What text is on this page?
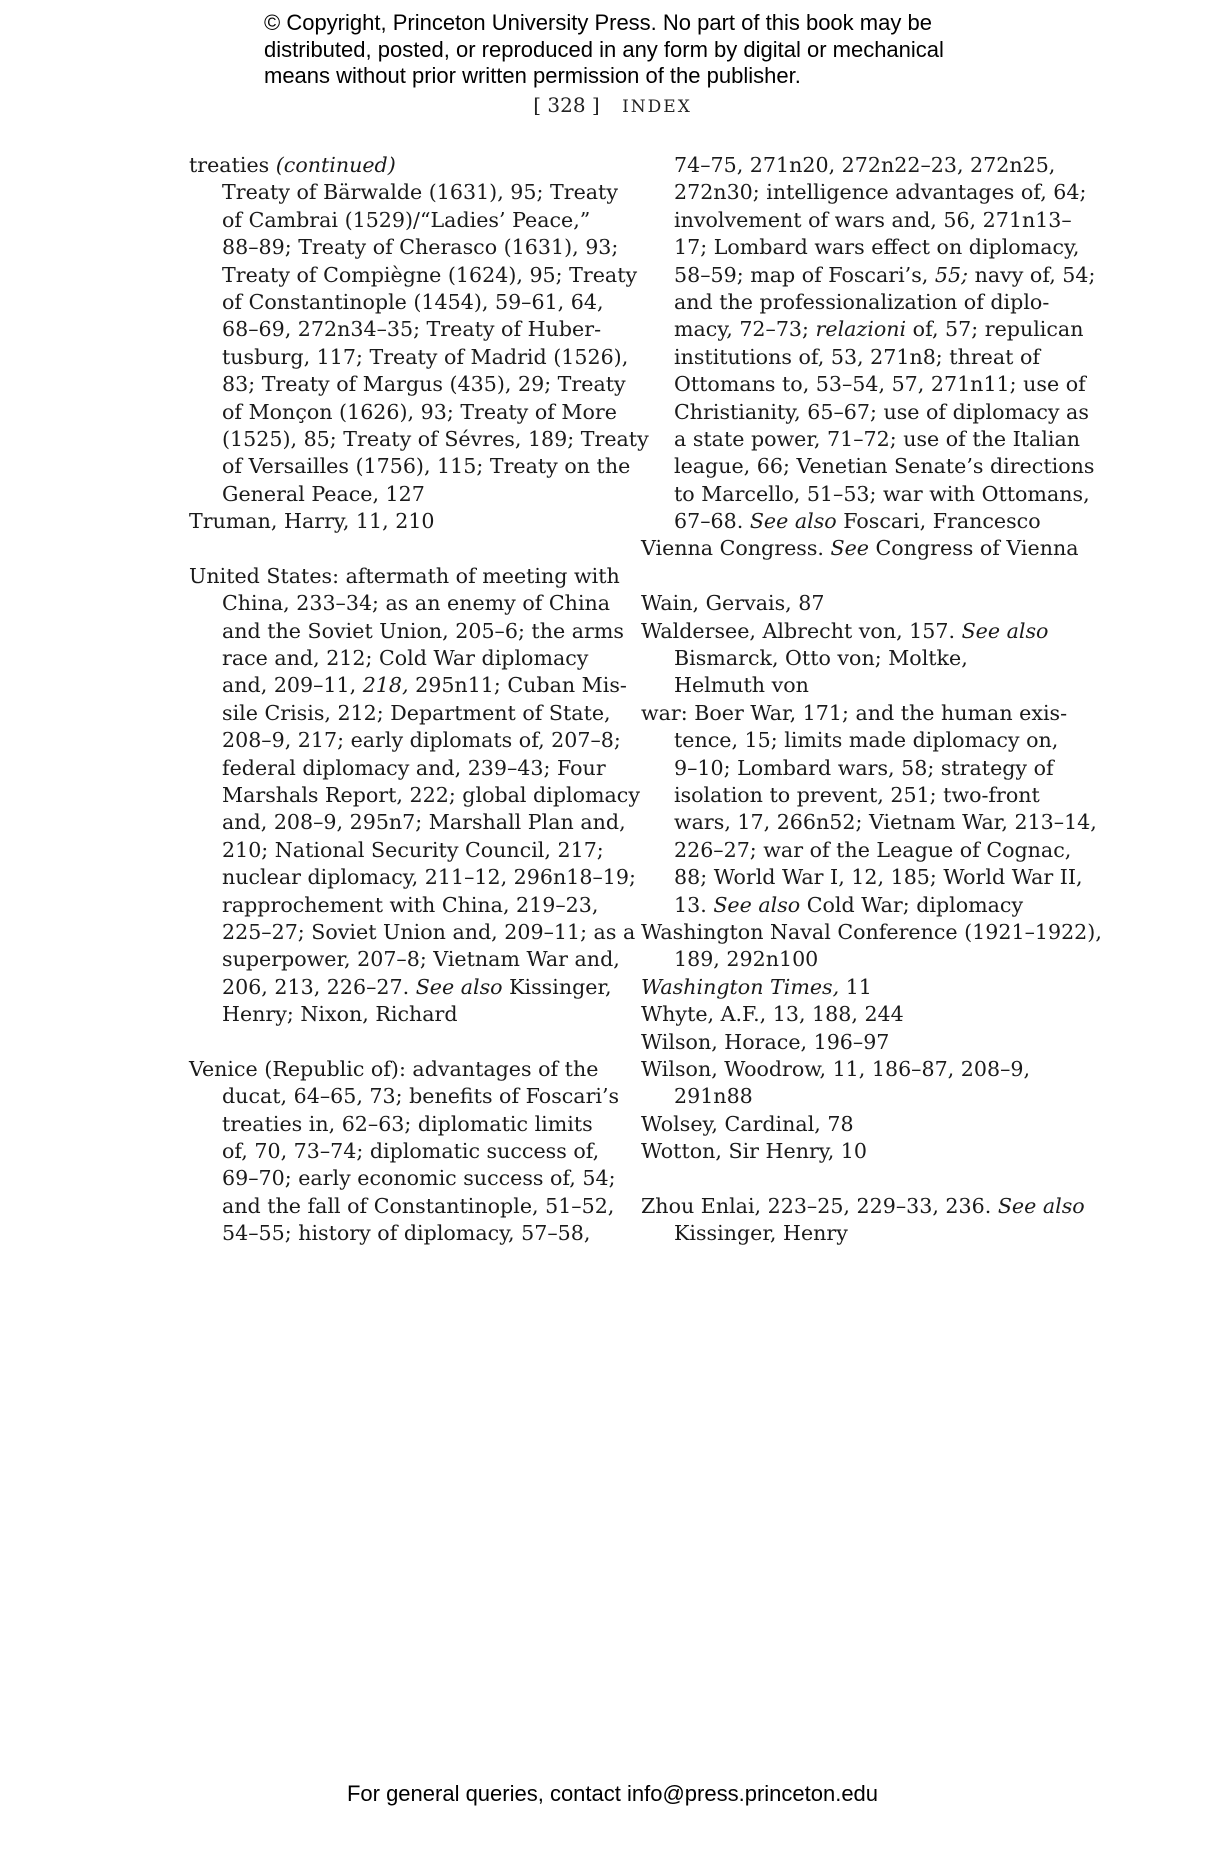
© Copyright, Princeton University Press. No part of this book may be
distributed, posted, or reproduced in any form by digital or mechanical
means without prior written permission of the publisher.
[ 328 ] INDEX
treaties (continued)
Treaty of Bärwalde (1631), 95; Treaty
of Cambrai (1529)/“Ladies’ Peace,”
88–89; Treaty of Cherasco (1631), 93;
Treaty of Compiègne (1624), 95; Treaty
of Constantinople (1454), 59–61, 64,
68–69, 272n34–35; Treaty of Huber-
tusburg, 117; Treaty of Madrid (1526),
83; Treaty of Margus (435), 29; Treaty
of Monçon (1626), 93; Treaty of More
(1525), 85; Treaty of Sévres, 189; Treaty
of Versailles (1756), 115; Treaty on the
General Peace, 127
Truman, Harry, 11, 210
United States: aftermath of meeting with
China, 233–34; as an enemy of China
and the Soviet Union, 205–6; the arms
race and, 212; Cold War diplomacy
and, 209–11, 218, 295n11; Cuban Mis-
sile Crisis, 212; Department of State,
208–9, 217; early diplomats of, 207–8;
federal diplomacy and, 239–43; Four
Marshals Report, 222; global diplomacy
and, 208–9, 295n7; Marshall Plan and,
210; National Security Council, 217;
nuclear diplomacy, 211–12, 296n18–19;
rapprochement with China, 219–23,
225–27; Soviet Union and, 209–11; as a
superpower, 207–8; Vietnam War and,
206, 213, 226–27. See also Kissinger,
Henry; Nixon, Richard
Venice (Republic of): advantages of the
ducat, 64–65, 73; benefits of Foscari’s
treaties in, 62–63; diplomatic limits
of, 70, 73–74; diplomatic success of,
69–70; early economic success of, 54;
and the fall of Constantinople, 51–52,
54–55; history of diplomacy, 57–58,
74–75, 271n20, 272n22–23, 272n25,
272n30; intelligence advantages of, 64;
involvement of wars and, 56, 271n13–
17; Lombard wars effect on diplomacy,
58–59; map of Foscari’s, 55; navy of, 54;
and the professionalization of diplo-
macy, 72–73; relazioni of, 57; repulican
institutions of, 53, 271n8; threat of
Ottomans to, 53–54, 57, 271n11; use of
Christianity, 65–67; use of diplomacy as
a state power, 71–72; use of the Italian
league, 66; Venetian Senate’s directions
to Marcello, 51–53; war with Ottomans,
67–68. See also Foscari, Francesco
Vienna Congress. See Congress of Vienna
Wain, Gervais, 87
Waldersee, Albrecht von, 157. See also
Bismarck, Otto von; Moltke,
Helmuth von
war: Boer War, 171; and the human exis-
tence, 15; limits made diplomacy on,
9–10; Lombard wars, 58; strategy of
isolation to prevent, 251; two-front
wars, 17, 266n52; Vietnam War, 213–14,
226–27; war of the League of Cognac,
88; World War I, 12, 185; World War II,
13. See also Cold War; diplomacy
Washington Naval Conference (1921–1922),
189, 292n100
Washington Times, 11
Whyte, A.F., 13, 188, 244
Wilson, Horace, 196–97
Wilson, Woodrow, 11, 186–87, 208–9,
291n88
Wolsey, Cardinal, 78
Wotton, Sir Henry, 10
Zhou Enlai, 223–25, 229–33, 236. See also
Kissinger, Henry
For general queries, contact info@press.princeton.edu
